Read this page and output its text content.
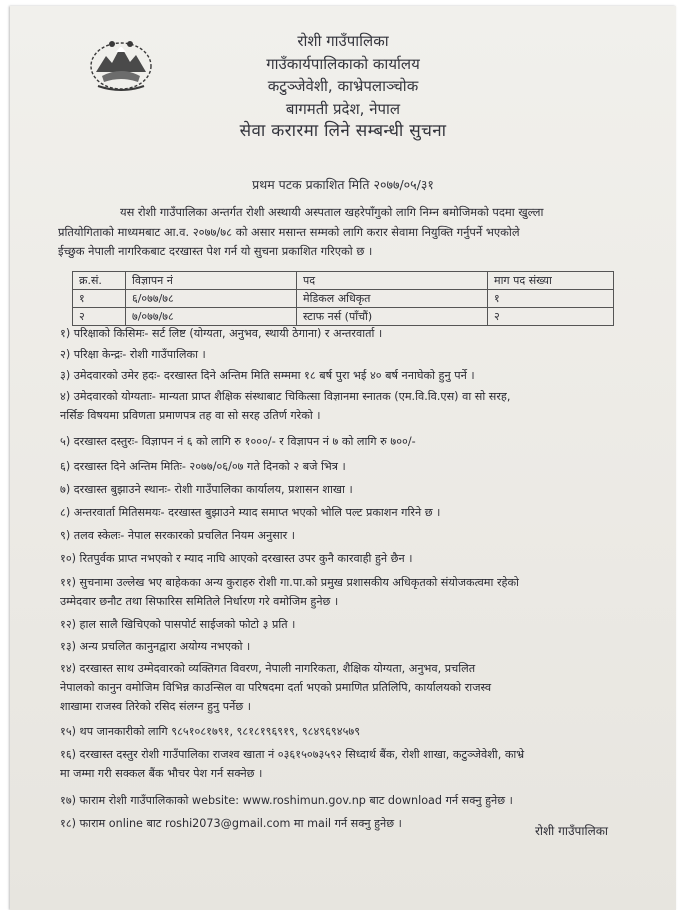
रोशी गाउँपालिका
गाउँकार्यपालिकाको कार्यालय
कटुञ्जेवेशी, काभ्रेपलाञ्चोक
बागमती प्रदेश, नेपाल
सेवा करारमा लिने सम्बन्धी सुचना
प्रथम पटक प्रकाशित मिति २०७७/०५/३१
यस रोशी गाउँपालिका अन्तर्गत रोशी अस्थायी अस्पताल खहरेपाँगुको लागि निम्न बमोजिमको पदमा खुल्ला
प्रतियोगिताको माध्यमबाट आ.व. २०७७/७८ को असार मसान्त सम्मको लागि करार सेवामा नियुक्ति गर्नुपर्ने भएकोले
ईच्छुक नेपाली नागरिकबाट दरखास्त पेश गर्न यो सुचना प्रकाशित गरिएको छ ।
क्र.सं.	विज्ञापन नं	पद	माग पद संख्या
१	६/०७७/७८	मेडिकल अधिकृत	१
२	७/०७७/७८	स्टाफ नर्स (पाँचौं)	२
१) परिक्षाको किसिमः- सर्ट लिष्ट (योग्यता, अनुभव, स्थायी ठेगाना) र अन्तरवार्ता ।
२) परिक्षा केन्द्रः- रोशी गाउँपालिका ।
३) उमेदवारको उमेर हदः- दरखास्त दिने अन्तिम मिति सम्ममा १८ बर्ष पुरा भई ४० बर्ष ननाघेको हुनु पर्ने ।
४) उमेदवारको योग्यताः- मान्यता प्राप्त शैक्षिक संस्थाबाट चिकित्सा विज्ञानमा स्नातक (एम.वि.वि.एस) वा सो सरह,
नर्सिङ विषयमा प्रविणता प्रमाणपत्र तह वा सो सरह उतिर्ण गरेको ।
५) दरखास्त दस्तुरः- विज्ञापन नं ६ को लागि रु १०००/- र विज्ञापन नं ७ को लागि रु ७००/-
६) दरखास्त दिने अन्तिम मितिः- २०७७/०६/०७ गते दिनको २ बजे भित्र ।
७) दरखास्त बुझाउने स्थानः- रोशी गाउँपालिका कार्यालय, प्रशासन शाखा ।
८) अन्तरवार्ता मितिसमयः- दरखास्त बुझाउने म्याद समाप्त भएको भोलि पल्ट प्रकाशन गरिने छ ।
९) तलव स्केलः- नेपाल सरकारको प्रचलित नियम अनुसार ।
१०) रितपुर्वक प्राप्त नभएको र म्याद नाघि आएको दरखास्त उपर कुनै कारवाही हुने छैन ।
११) सुचनामा उल्लेख भए बाहेकका अन्य कुराहरु रोशी गा.पा.को प्रमुख प्रशासकीय अधिकृतको संयोजकत्वमा रहेको
उम्मेदवार छनौट तथा सिफारिस समितिले निर्धारण गरे वमोजिम हुनेछ ।
१२) हाल सालै खिचिएको पासपोर्ट साईजको फोटो ३ प्रति ।
१३) अन्य प्रचलित कानुनद्वारा अयोग्य नभएको ।
१४) दरखास्त साथ उम्मेदवारको व्यक्तिगत विवरण, नेपाली नागरिकता, शैक्षिक योग्यता, अनुभव, प्रचलित
नेपालको कानुन वमोजिम विभिन्न काउन्सिल वा परिषदमा दर्ता भएको प्रमाणित प्रतिलिपि, कार्यालयको राजस्व
शाखामा राजस्व तिरेको रसिद संलग्न हुनु पर्नेछ ।
१५) थप जानकारीको लागि ९८५१०८१७९१, ९८१८१९६९१९, ९८४९६९४५७९
१६) दरखास्त दस्तुर रोशी गाउँपालिका राजश्व खाता नं ०३६१५०७३५९२ सिध्दार्थ बैंक, रोशी शाखा, कटुञ्जेवेशी, काभ्रे
मा जम्मा गरी सक्कल बैंक भौचर पेश गर्न सक्नेछ ।
१७) फाराम रोशी गाउँपालिकाको website: www.roshimun.gov.np बाट download गर्न सक्नु हुनेछ ।
१८) फाराम online बाट roshi2073@gmail.com मा mail गर्न सक्नु हुनेछ ।
रोशी गाउँपालिका
